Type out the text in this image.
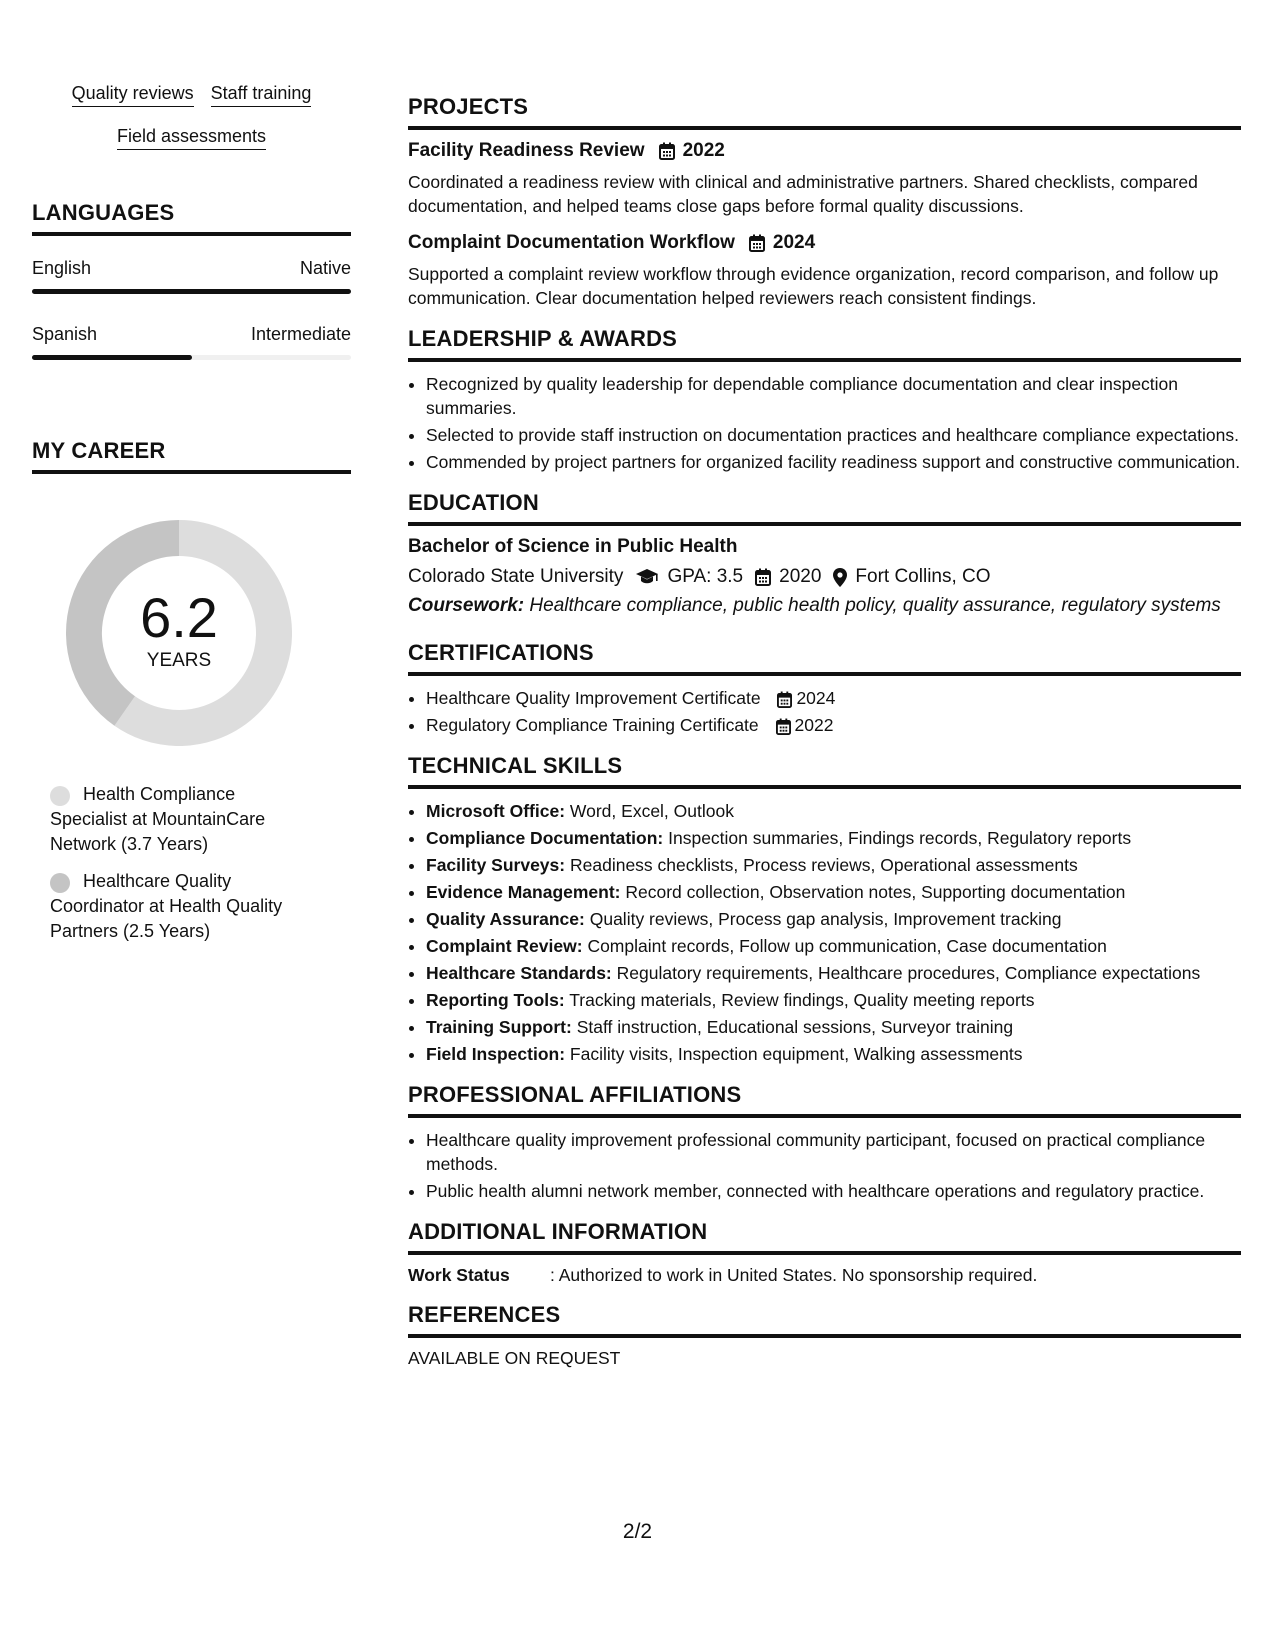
Quality reviews Staff training
Field assessments
LANGUAGES
English	Native
Spanish	Intermediate
MY CAREER
6.2
YEARS
Health Compliance Specialist at MountainCare Network (3.7 Years)
Healthcare Quality Coordinator at Health Quality Partners (2.5 Years)
PROJECTS
Facility Readiness Review 2022
Coordinated a readiness review with clinical and administrative partners. Shared checklists, compared documentation, and helped teams close gaps before formal quality discussions.
Complaint Documentation Workflow 2024
Supported a complaint review workflow through evidence organization, record comparison, and follow up communication. Clear documentation helped reviewers reach consistent findings.
LEADERSHIP & AWARDS
• Recognized by quality leadership for dependable compliance documentation and clear inspection summaries.
• Selected to provide staff instruction on documentation practices and healthcare compliance expectations.
• Commended by project partners for organized facility readiness support and constructive communication.
EDUCATION
Bachelor of Science in Public Health
Colorado State University GPA: 3.5 2020 Fort Collins, CO
Coursework: Healthcare compliance, public health policy, quality assurance, regulatory systems
CERTIFICATIONS
• Healthcare Quality Improvement Certificate 2024
• Regulatory Compliance Training Certificate 2022
TECHNICAL SKILLS
• Microsoft Office: Word, Excel, Outlook
• Compliance Documentation: Inspection summaries, Findings records, Regulatory reports
• Facility Surveys: Readiness checklists, Process reviews, Operational assessments
• Evidence Management: Record collection, Observation notes, Supporting documentation
• Quality Assurance: Quality reviews, Process gap analysis, Improvement tracking
• Complaint Review: Complaint records, Follow up communication, Case documentation
• Healthcare Standards: Regulatory requirements, Healthcare procedures, Compliance expectations
• Reporting Tools: Tracking materials, Review findings, Quality meeting reports
• Training Support: Staff instruction, Educational sessions, Surveyor training
• Field Inspection: Facility visits, Inspection equipment, Walking assessments
PROFESSIONAL AFFILIATIONS
• Healthcare quality improvement professional community participant, focused on practical compliance methods.
• Public health alumni network member, connected with healthcare operations and regulatory practice.
ADDITIONAL INFORMATION
Work Status : Authorized to work in United States. No sponsorship required.
REFERENCES
AVAILABLE ON REQUEST
2/2
